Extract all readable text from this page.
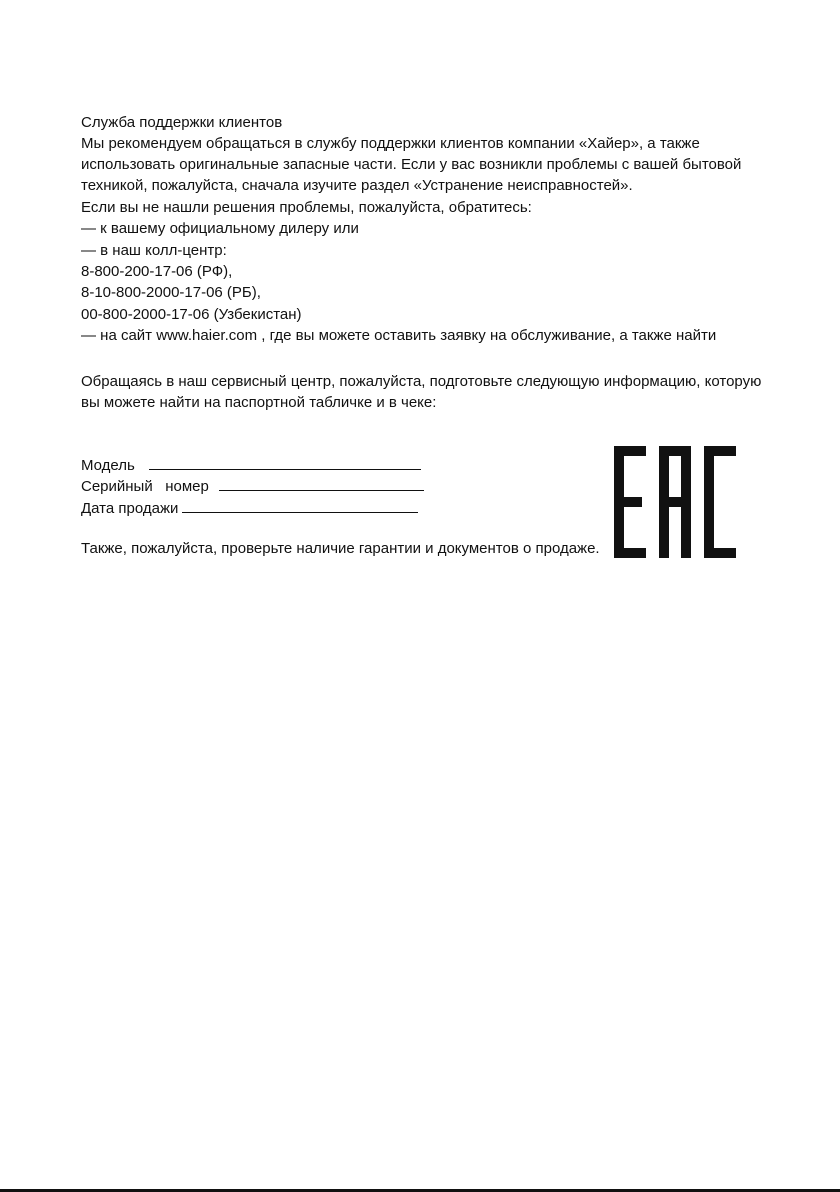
Служба поддержки клиентов
Мы рекомендуем обращаться в службу поддержки клиентов компании «Хайер», а также
использовать оригинальные запасные части. Если у вас возникли проблемы с вашей бытовой
техникой, пожалуйста, сначала изучите раздел «Устранение неисправностей».
Если вы не нашли решения проблемы, пожалуйста, обратитесь:
— к вашему официальному дилеру или
— в наш колл-центр:
8-800-200-17-06 (РФ),
8-10-800-2000-17-06 (РБ),
00-800-2000-17-06 (Узбекистан)
— на сайт www.haier.com , где вы можете оставить заявку на обслуживание, а также найти
Обращаясь в наш сервисный центр, пожалуйста, подготовьте следующую информацию, которую
вы можете найти на паспортной табличке и в чеке:
Модель
Серийный   номер
Дата продажи
Также, пожалуйста, проверьте наличие гарантии и документов о продаже.
